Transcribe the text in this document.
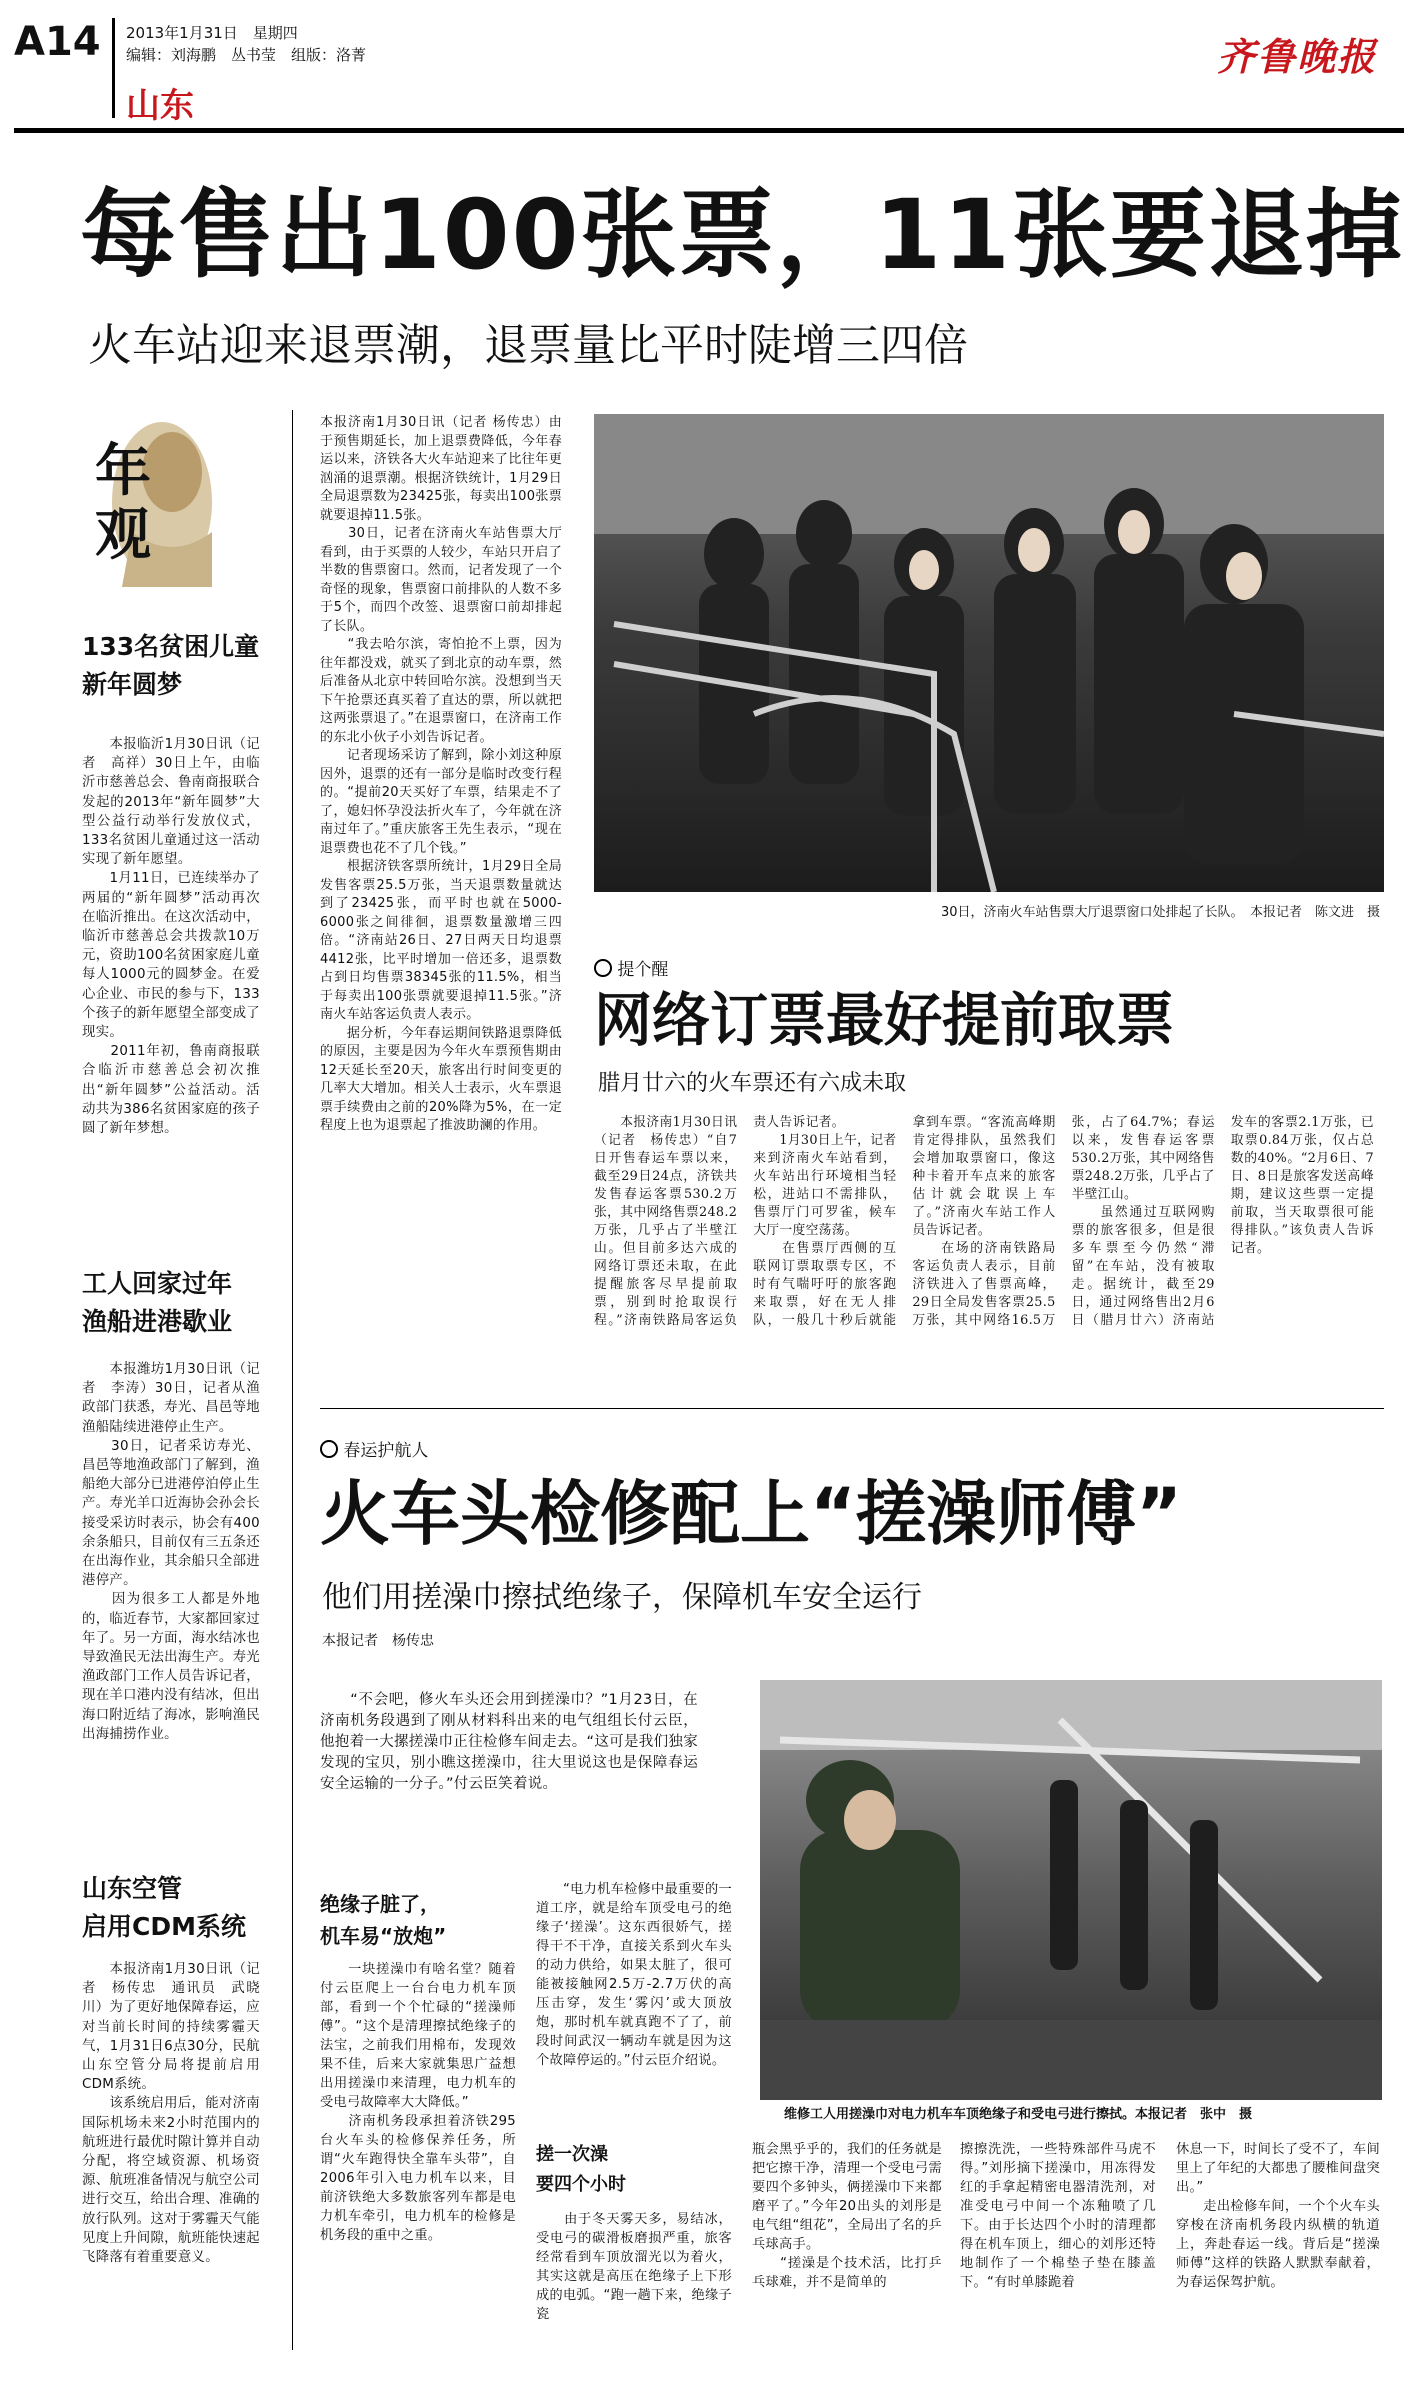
A14 2013年1月31日　星期四
编辑：刘海鹏　丛书莹　组版：洛菁
山东
齐鲁晚报
每售出100张票，11张要退掉
火车站迎来退票潮，退票量比平时陡增三四倍
年观
133名贫困儿童
新年圆梦
　　本报临沂1月30日讯（记者　高祥）30日上午，由临沂市慈善总会、鲁南商报联合发起的2013年“新年圆梦”大型公益行动举行发放仪式，133名贫困儿童通过这一活动实现了新年愿望。
　　1月11日，已连续举办了两届的“新年圆梦”活动再次在临沂推出。在这次活动中，临沂市慈善总会共拨款10万元，资助100名贫困家庭儿童每人1000元的圆梦金。在爱心企业、市民的参与下，133个孩子的新年愿望全部变成了现实。
　　2011年初，鲁南商报联合临沂市慈善总会初次推出“新年圆梦”公益活动。活动共为386名贫困家庭的孩子圆了新年梦想。
工人回家过年
渔船进港歇业
　　本报潍坊1月30日讯（记者　李涛）30日，记者从渔政部门获悉，寿光、昌邑等地渔船陆续进港停止生产。
　　30日，记者采访寿光、昌邑等地渔政部门了解到，渔船绝大部分已进港停泊停止生产。寿光羊口近海协会孙会长接受采访时表示，协会有400余条船只，目前仅有三五条还在出海作业，其余船只全部进港停产。
　　因为很多工人都是外地的，临近春节，大家都回家过年了。另一方面，海水结冰也导致渔民无法出海生产。寿光渔政部门工作人员告诉记者，现在羊口港内没有结冰，但出海口附近结了海冰，影响渔民出海捕捞作业。
山东空管
启用CDM系统
　　本报济南1月30日讯（记者　杨传忠　通讯员　武晓川）为了更好地保障春运，应对当前长时间的持续雾霾天气，1月31日6点30分，民航山东空管分局将提前启用CDM系统。
　　该系统启用后，能对济南国际机场未来2小时范围内的航班进行最优时隙计算并自动分配，将空域资源、机场资源、航班准备情况与航空公司进行交互，给出合理、准确的放行队列。这对于雾霾天气能见度上升间隙，航班能快速起飞降落有着重要意义。
本报济南1月30日讯（记者 杨传忠）由于预售期延长，加上退票费降低，今年春运以来，济铁各大火车站迎来了比往年更汹涌的退票潮。根据济铁统计，1月29日全局退票数为23425张，每卖出100张票就要退掉11.5张。
　　30日，记者在济南火车站售票大厅看到，由于买票的人较少，车站只开启了半数的售票窗口。然而，记者发现了一个奇怪的现象，售票窗口前排队的人数不多于5个，而四个改签、退票窗口前却排起了长队。
　　“我去哈尔滨，寄怕抢不上票，因为往年都没戏，就买了到北京的动车票，然后准备从北京中转回哈尔滨。没想到当天下午抢票还真买着了直达的票，所以就把这两张票退了。”在退票窗口，在济南工作的东北小伙子小刘告诉记者。
　　记者现场采访了解到，除小刘这种原因外，退票的还有一部分是临时改变行程的。“提前20天买好了车票，结果走不了了，媳妇怀孕没法折火车了，今年就在济南过年了。”重庆旅客王先生表示，“现在退票费也花不了几个钱。”
　　根据济铁客票所统计，1月29日全局发售客票25.5万张，当天退票数量就达到了23425张，而平时也就在5000-6000张之间徘徊，退票数量激增三四倍。“济南站26日、27日两天日均退票4412张，比平时增加一倍还多，退票数占到日均售票38345张的11.5%，相当于每卖出100张票就要退掉11.5张。”济南火车站客运负责人表示。
　　据分析，今年春运期间铁路退票降低的原因，主要是因为今年火车票预售期由12天延长至20天，旅客出行时间变更的几率大大增加。相关人士表示，火车票退票手续费由之前的20%降为5%，在一定程度上也为退票起了推波助澜的作用。
30日，济南火车站售票大厅退票窗口处排起了长队。　本报记者　陈文进　摄
提个醒
网络订票最好提前取票
腊月廿六的火车票还有六成未取
　　本报济南1月30日讯（记者　杨传忠）“自7日开售春运车票以来，截至29日24点，济铁共发售春运客票530.2万张，其中网络售票248.2万张，几乎占了半壁江山。但目前多达六成的网络订票还未取，在此提醒旅客尽早提前取票，别到时抢取误行程。”济南铁路局客运负责人告诉记者。
　　1月30日上午，记者来到济南火车站看到，火车站出行环境相当轻松，进站口不需排队，售票厅门可罗雀，候车大厅一度空荡荡。
　　在售票厅西侧的互联网订票取票专区，不时有气喘吁吁的旅客跑来取票，好在无人排队，一般几十秒后就能拿到车票。“客流高峰期肯定得排队，虽然我们会增加取票窗口，像这种卡着开车点来的旅客估计就会耽误上车了。”济南火车站工作人员告诉记者。
　　在场的济南铁路局客运负责人表示，目前济铁进入了售票高峰，29日全局发售客票25.5万张，其中网络16.5万张，占了64.7%；春运以来，发售春运客票530.2万张，其中网络售票248.2万张，几乎占了半壁江山。
　　虽然通过互联网购票的旅客很多，但是很多车票至今仍然“滞留”在车站，没有被取走。据统计，截至29日，通过网络售出2月6日（腊月廿六）济南站发车的客票2.1万张，已取票0.84万张，仅占总数的40%。“2月6日、7日、8日是旅客发送高峰期，建议这些票一定提前取，当天取票很可能得排队。”该负责人告诉记者。
春运护航人
火车头检修配上“搓澡师傅”
他们用搓澡巾擦拭绝缘子，保障机车安全运行
本报记者　杨传忠
　　“不会吧，修火车头还会用到搓澡巾？”1月23日，在济南机务段遇到了刚从材料科出来的电气组组长付云臣，他抱着一大摞搓澡巾正往检修车间走去。“这可是我们独家发现的宝贝，别小瞧这搓澡巾，往大里说这也是保障春运安全运输的一分子。”付云臣笑着说。
维修工人用搓澡巾对电力机车车顶绝缘子和受电弓进行擦拭。本报记者　张中　摄
绝缘子脏了，
机车易“放炮”
　　一块搓澡巾有啥名堂？随着付云臣爬上一台台电力机车顶部，看到一个个忙碌的“搓澡师傅”。“这个是清理擦拭绝缘子的法宝，之前我们用棉布，发现效果不佳，后来大家就集思广益想出用搓澡巾来清理，电力机车的受电弓故障率大大降低。”
　　济南机务段承担着济铁295台火车头的检修保养任务，所谓“火车跑得快全靠车头带”，自2006年引入电力机车以来，目前济铁绝大多数旅客列车都是电力机车牵引，电力机车的检修是机务段的重中之重。
　　“电力机车检修中最重要的一道工序，就是给车顶受电弓的绝缘子‘搓澡’。这东西很娇气，搓得干不干净，直接关系到火车头的动力供给，如果太脏了，很可能被接触网2.5万-2.7万伏的高压击穿，发生‘雾闪’或大顶放炮，那时机车就真跑不了了，前段时间武汉一辆动车就是因为这个故障停运的。”付云臣介绍说。
搓一次澡
要四个小时
　　由于冬天雾天多，易结冰，受电弓的碳滑板磨损严重，旅客经常看到车顶放溜光以为着火，其实这就是高压在绝缘子上下形成的电弧。“跑一趟下来，绝缘子瓷
瓶会黑乎乎的，我们的任务就是把它擦干净，清理一个受电弓需要四个多钟头，俩搓澡巾下来都磨平了。”今年20出头的刘彤是电气组“组花”，全局出了名的乒乓球高手。
　　“搓澡是个技术活，比打乒乓球难，并不是简单的
擦擦洗洗，一些特殊部件马虎不得。”刘彤摘下搓澡巾，用冻得发红的手拿起精密电器清洗剂，对准受电弓中间一个冻釉喷了几下。由于长达四个小时的清理都得在机车顶上，细心的刘彤还特地制作了一个棉垫子垫在膝盖下。“有时单膝跪着
休息一下，时间长了受不了，车间里上了年纪的大都患了腰椎间盘突出。”
　　走出检修车间，一个个火车头穿梭在济南机务段内纵横的轨道上，奔赴春运一线。背后是“搓澡师傅”这样的铁路人默默奉献着，为春运保驾护航。
